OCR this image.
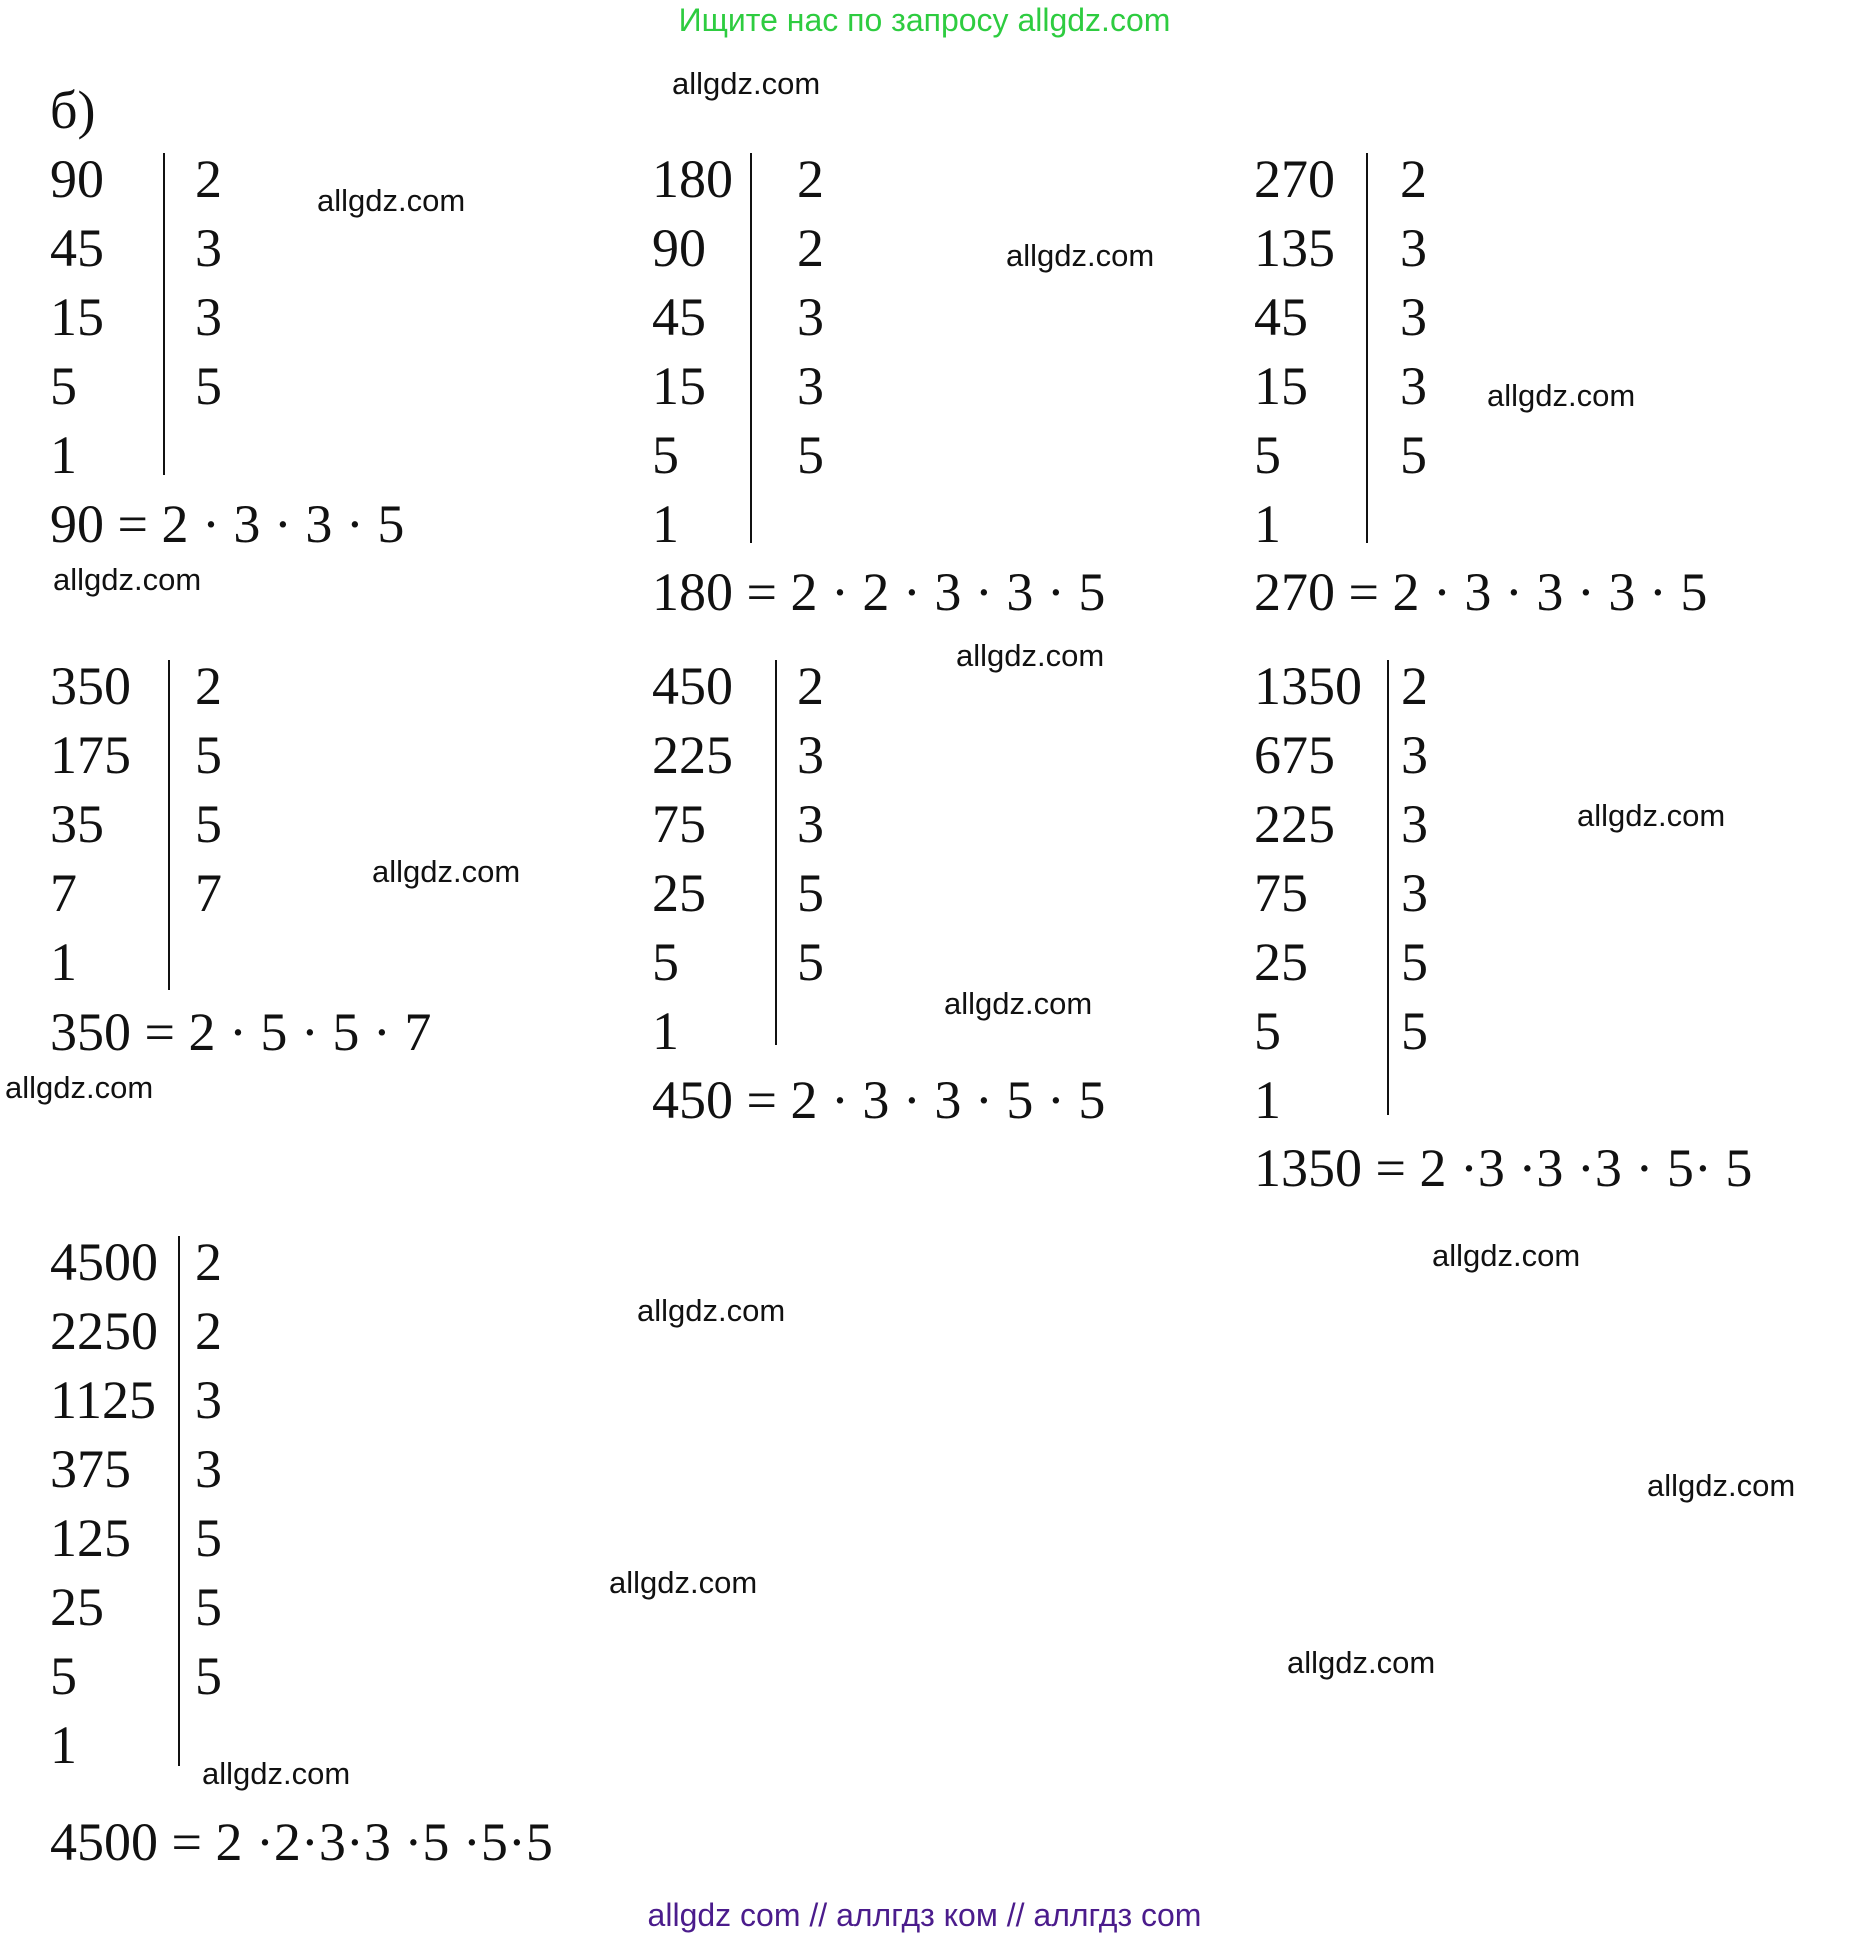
Ищите нас по запросу allgdz.com
б)
90
45
15
5
1
2
3
3
5
90 = 2 · 3 · 3 · 5
180
90
45
15
5
1
2
2
3
3
5
180 = 2 · 2 · 3 · 3 · 5
270
135
45
15
5
1
2
3
3
3
5
270 = 2 · 3 · 3 · 3 · 5
350
175
35
7
1
2
5
5
7
350 = 2 · 5 · 5 · 7
450
225
75
25
5
1
2
3
3
5
5
450 = 2 · 3 · 3 · 5 · 5
1350
675
225
75
25
5
1
2
3
3
3
5
5
1350 = 2 ·3 ·3 ·3 · 5· 5
4500
2250
1125
375
125
25
5
1
2
2
3
3
5
5
5
4500 = 2 ·2·3·3 ·5 ·5·5
allgdz.com
allgdz.com
allgdz.com
allgdz.com
allgdz.com
allgdz.com
allgdz.com
allgdz.com
allgdz.com
allgdz.com
allgdz.com
allgdz.com
allgdz.com
allgdz.com
allgdz.com
allgdz.com
allgdz com // аллгдз ком // аллгдз com
